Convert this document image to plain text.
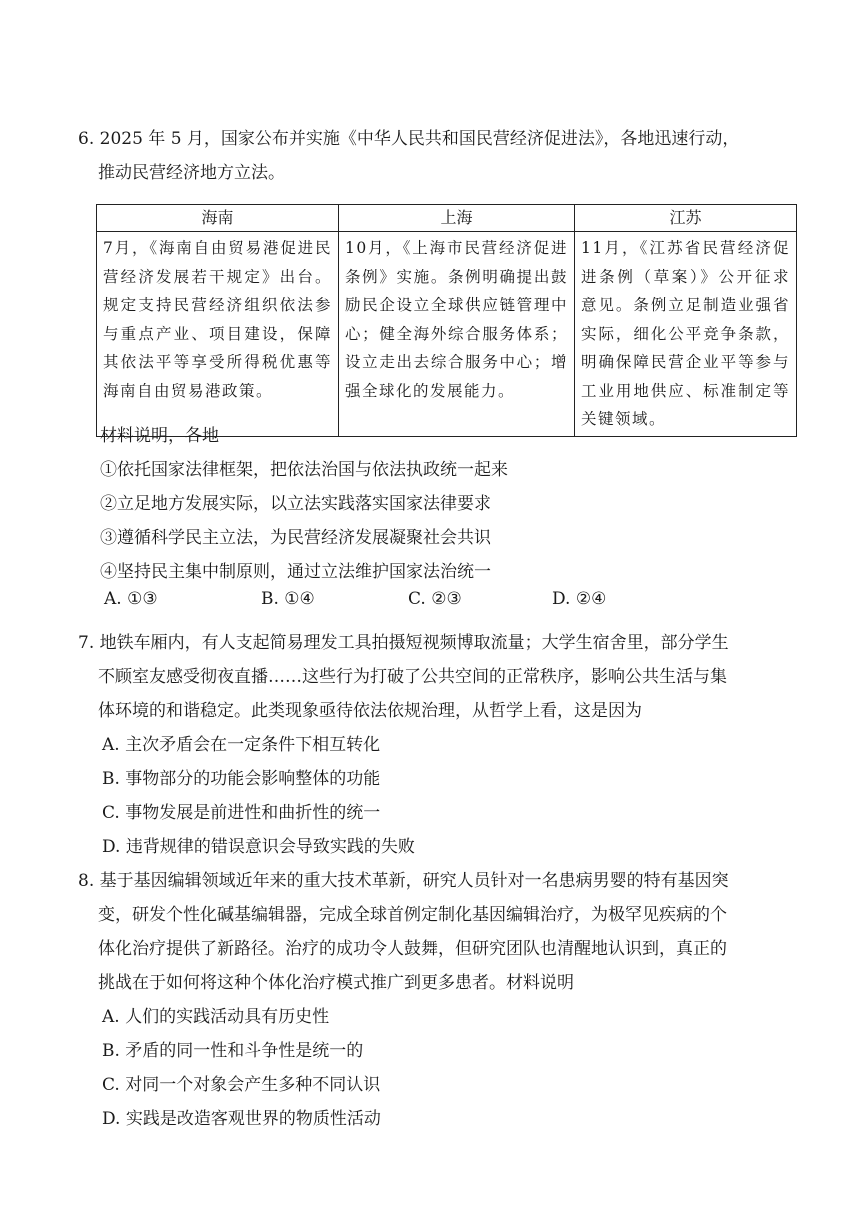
6. 2025 年 5 月，国家公布并实施《中华人民共和国民营经济促进法》，各地迅速行动，
推动民营经济地方立法。
海南	上海	江苏
7月，《海南自由贸易港促进民营经济发展若干规定》出台。规定支持民营经济组织依法参与重点产业、项目建设，保障其依法平等享受所得税优惠等海南自由贸易港政策。	10月，《上海市民营经济促进条例》实施。条例明确提出鼓励民企设立全球供应链管理中心；健全海外综合服务体系；设立走出去综合服务中心；增强全球化的发展能力。	11月，《江苏省民营经济促进条例（草案）》公开征求意见。条例立足制造业强省实际，细化公平竞争条款，明确保障民营企业平等参与工业用地供应、标准制定等关键领域。
材料说明，各地
①依托国家法律框架，把依法治国与依法执政统一起来
②立足地方发展实际，以立法实践落实国家法律要求
③遵循科学民主立法，为民营经济发展凝聚社会共识
④坚持民主集中制原则，通过立法维护国家法治统一
A. ①③	B. ①④	C. ②③	D. ②④
7. 地铁车厢内，有人支起简易理发工具拍摄短视频博取流量；大学生宿舍里，部分学生
不顾室友感受彻夜直播……这些行为打破了公共空间的正常秩序，影响公共生活与集
体环境的和谐稳定。此类现象亟待依法依规治理，从哲学上看，这是因为
A. 主次矛盾会在一定条件下相互转化
B. 事物部分的功能会影响整体的功能
C. 事物发展是前进性和曲折性的统一
D. 违背规律的错误意识会导致实践的失败
8. 基于基因编辑领域近年来的重大技术革新，研究人员针对一名患病男婴的特有基因突
变，研发个性化碱基编辑器，完成全球首例定制化基因编辑治疗，为极罕见疾病的个
体化治疗提供了新路径。治疗的成功令人鼓舞，但研究团队也清醒地认识到，真正的
挑战在于如何将这种个体化治疗模式推广到更多患者。材料说明
A. 人们的实践活动具有历史性
B. 矛盾的同一性和斗争性是统一的
C. 对同一个对象会产生多种不同认识
D. 实践是改造客观世界的物质性活动
